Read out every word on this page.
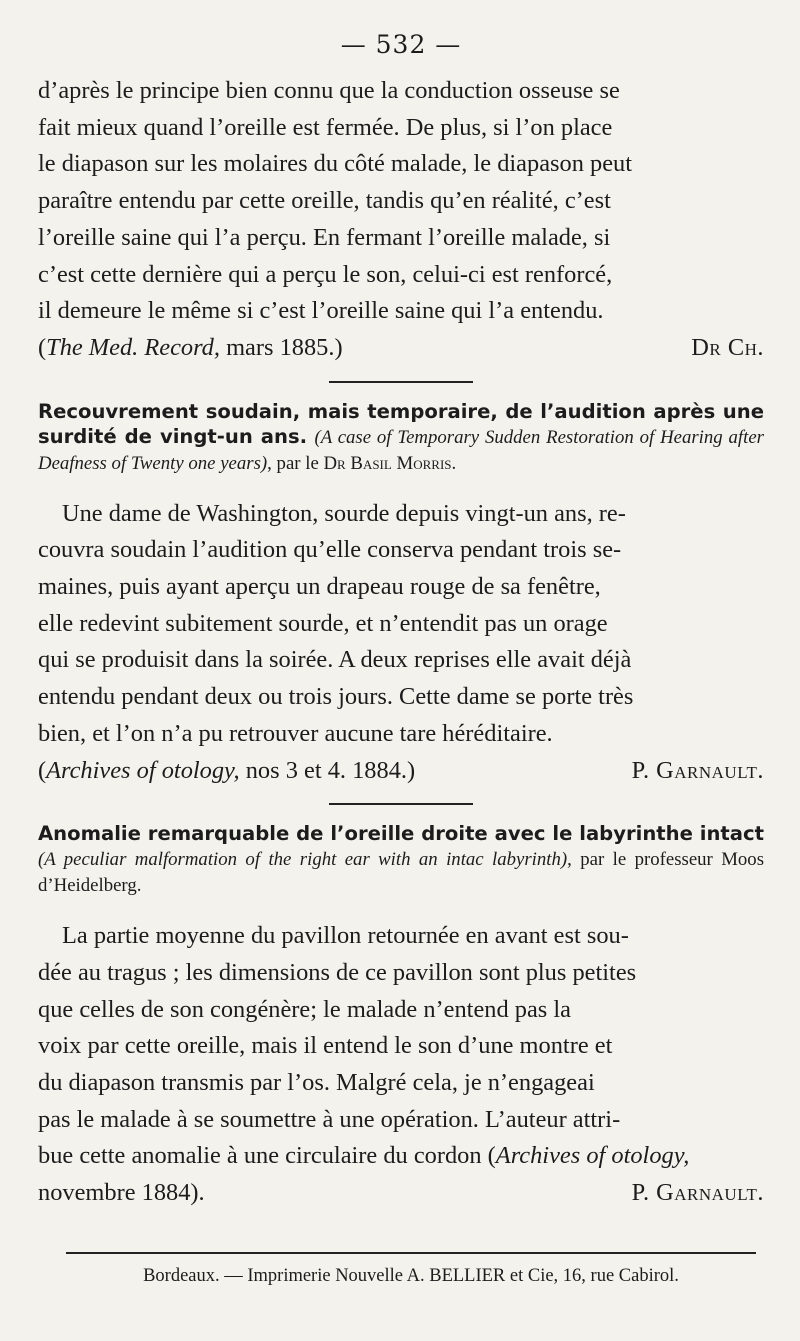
— 532 —
d’après le principe bien connu que la conduction osseuse se
fait mieux quand l’oreille est fermée. De plus, si l’on place
le diapason sur les molaires du côté malade, le diapason peut
paraître entendu par cette oreille, tandis qu’en réalité, c’est
l’oreille saine qui l’a perçu. En fermant l’oreille malade, si
c’est cette dernière qui a perçu le son, celui-ci est renforcé,
il demeure le même si c’est l’oreille saine qui l’a entendu.
(The Med. Record, mars 1885.)	Dr Ch.

Recouvrement soudain, mais temporaire, de l’audition après une surdité de vingt-un ans. (A case of Temporary Sudden Restoration of Hearing after Deafness of Twenty one years), par le Dr Basil Morris.

Une dame de Washington, sourde depuis vingt-un ans, re-
couvra soudain l’audition qu’elle conserva pendant trois se-
maines, puis ayant aperçu un drapeau rouge de sa fenêtre,
elle redevint subitement sourde, et n’entendit pas un orage
qui se produisit dans la soirée. A deux reprises elle avait déjà
entendu pendant deux ou trois jours. Cette dame se porte très
bien, et l’on n’a pu retrouver aucune tare héréditaire.
(Archives of otology, nos 3 et 4. 1884.)	P. Garnault.

Anomalie remarquable de l’oreille droite avec le labyrinthe intact (A peculiar malformation of the right ear with an intac labyrinth), par le professeur Moos d’Heidelberg.

La partie moyenne du pavillon retournée en avant est sou-
dée au tragus ; les dimensions de ce pavillon sont plus petites
que celles de son congénère; le malade n’entend pas la
voix par cette oreille, mais il entend le son d’une montre et
du diapason transmis par l’os. Malgré cela, je n’engageai
pas le malade à se soumettre à une opération. L’auteur attri-
bue cette anomalie à une circulaire du cordon (Archives of otology,
novembre 1884).	P. Garnault.
Bordeaux. — Imprimerie Nouvelle A. BELLIER et Cie, 16, rue Cabirol.
